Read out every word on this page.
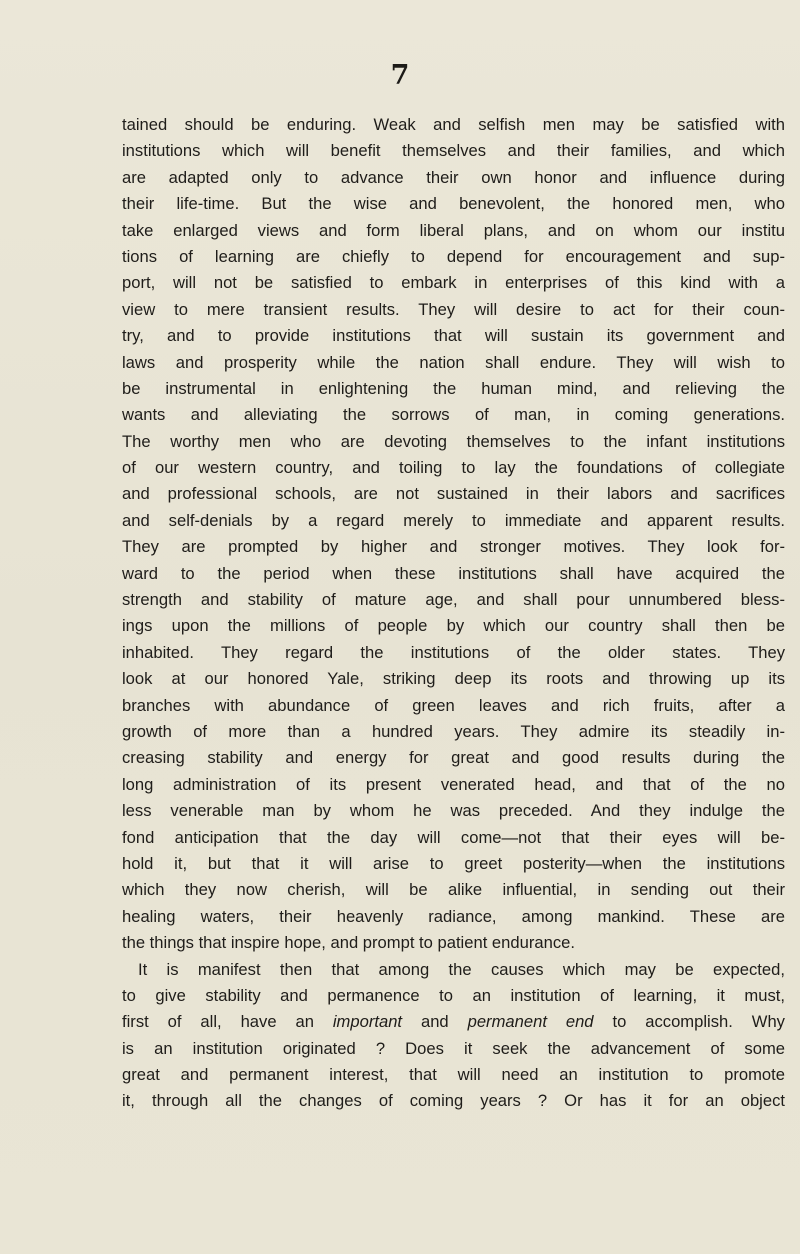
7
tained should be enduring. Weak and selfish men may be satisfied with
institutions which will benefit themselves and their families, and which
are adapted only to advance their own honor and influence during
their life-time. But the wise and benevolent, the honored men, who
take enlarged views and form liberal plans, and on whom our institu
tions of learning are chiefly to depend for encouragement and sup-
port, will not be satisfied to embark in enterprises of this kind with a
view to mere transient results. They will desire to act for their coun-
try, and to provide institutions that will sustain its government and
laws and prosperity while the nation shall endure. They will wish to
be instrumental in enlightening the human mind, and relieving the
wants and alleviating the sorrows of man, in coming generations.
The worthy men who are devoting themselves to the infant institutions
of our western country, and toiling to lay the foundations of collegiate
and professional schools, are not sustained in their labors and sacrifices
and self-denials by a regard merely to immediate and apparent results.
They are prompted by higher and stronger motives. They look for-
ward to the period when these institutions shall have acquired the
strength and stability of mature age, and shall pour unnumbered bless-
ings upon the millions of people by which our country shall then be
inhabited. They regard the institutions of the older states. They
look at our honored Yale, striking deep its roots and throwing up its
branches with abundance of green leaves and rich fruits, after a
growth of more than a hundred years. They admire its steadily in-
creasing stability and energy for great and good results during the
long administration of its present venerated head, and that of the no
less venerable man by whom he was preceded. And they indulge the
fond anticipation that the day will come—not that their eyes will be-
hold it, but that it will arise to greet posterity—when the institutions
which they now cherish, will be alike influential, in sending out their
healing waters, their heavenly radiance, among mankind. These are
the things that inspire hope, and prompt to patient endurance.
It is manifest then that among the causes which may be expected,
to give stability and permanence to an institution of learning, it must,
first of all, have an important and permanent end to accomplish. Why
is an institution originated ? Does it seek the advancement of some
great and permanent interest, that will need an institution to promote
it, through all the changes of coming years ? Or has it for an object
